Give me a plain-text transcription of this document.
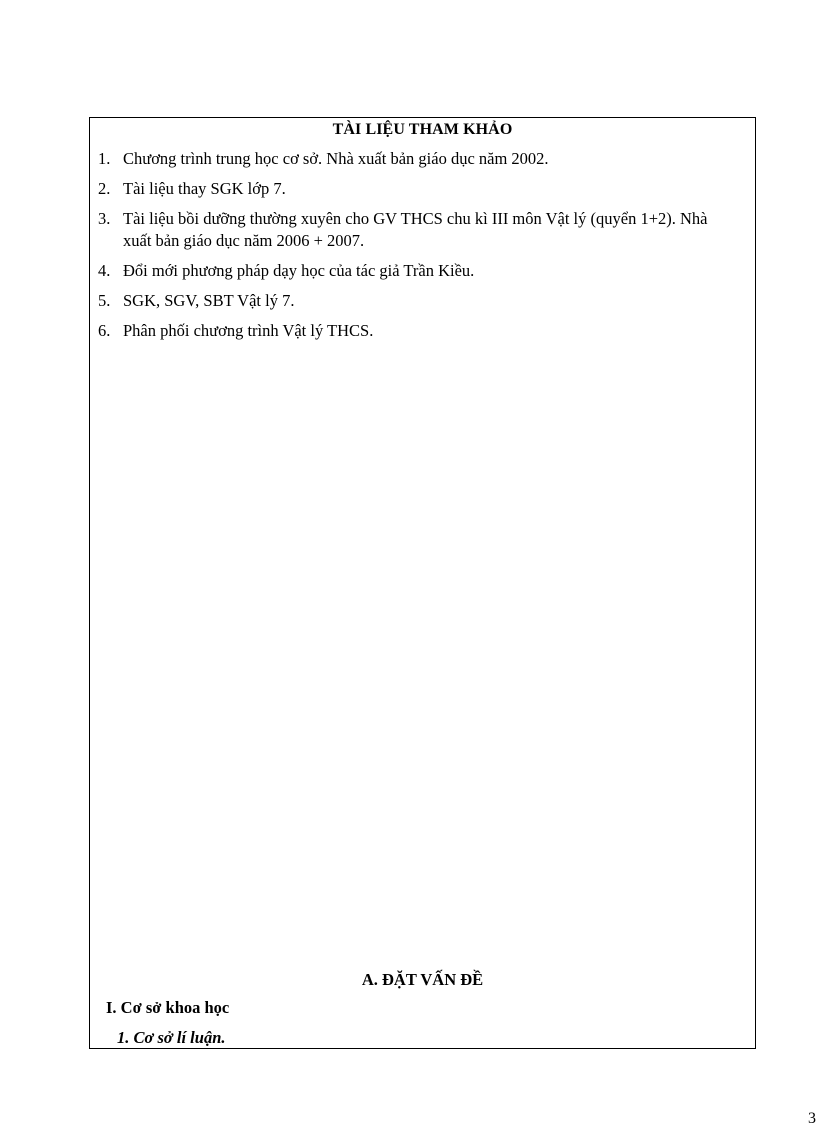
TÀI LIỆU THAM KHẢO
1. Chương trình trung học cơ sở. Nhà xuất bản giáo dục năm 2002.
2. Tài liệu thay SGK lớp 7.
3. Tài liệu bồi dưỡng thường xuyên cho GV THCS chu kì III môn Vật lý (quyển 1+2). Nhà xuất bản giáo dục năm 2006 + 2007.
4. Đổi mới phương pháp dạy học của tác giả Trần Kiều.
5. SGK, SGV, SBT Vật lý 7.
6. Phân phối chương trình Vật lý THCS.
A. ĐẶT VẤN ĐỀ
I. Cơ sở khoa học
1. Cơ sở lí luận.
3
